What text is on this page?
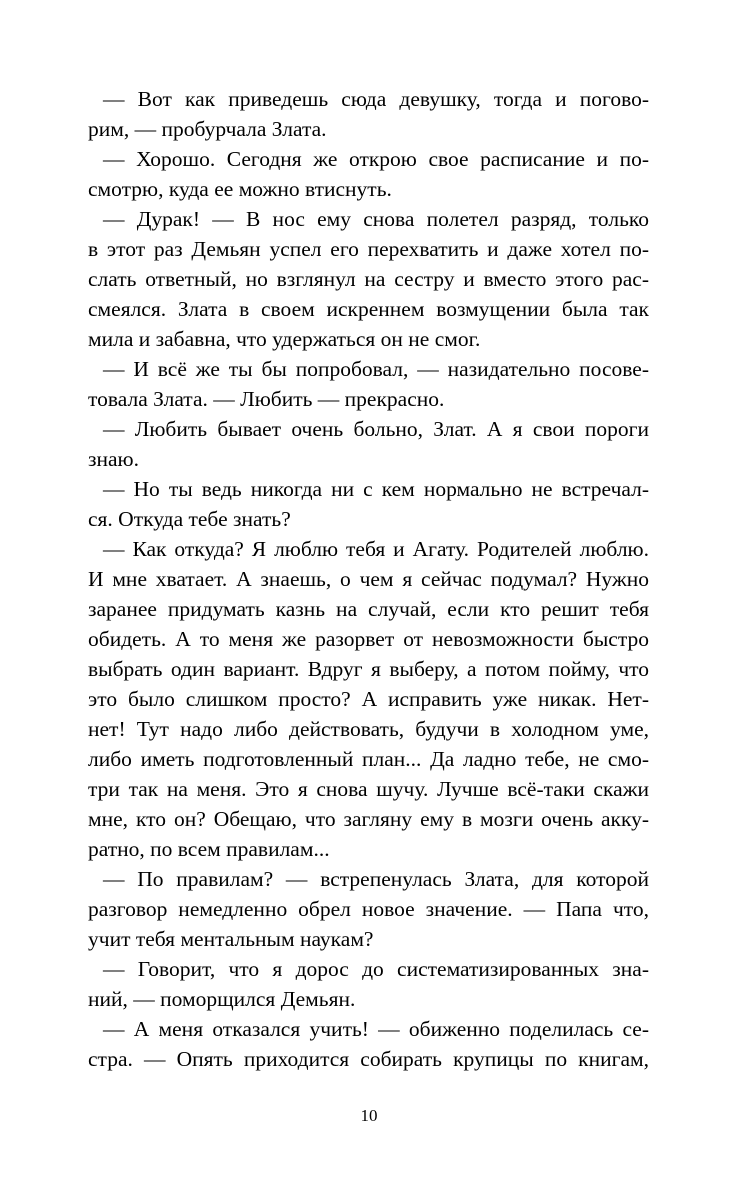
— Вот как приведешь сюда девушку, тогда и погово-
рим, — пробурчала Злата.
— Хорошо. Сегодня же открою свое расписание и по-
смотрю, куда ее можно втиснуть.
— Дурак! — В нос ему снова полетел разряд, только
в этот раз Демьян успел его перехватить и даже хотел по-
слать ответный, но взглянул на сестру и вместо этого рас-
смеялся. Злата в своем искреннем возмущении была так
мила и забавна, что удержаться он не смог.
— И всё же ты бы попробовал, — назидательно посове-
товала Злата. — Любить — прекрасно.
— Любить бывает очень больно, Злат. А я свои пороги
знаю.
— Но ты ведь никогда ни с кем нормально не встречал-
ся. Откуда тебе знать?
— Как откуда? Я люблю тебя и Агату. Родителей люблю.
И мне хватает. А знаешь, о чем я сейчас подумал? Нужно
заранее придумать казнь на случай, если кто решит тебя
обидеть. А то меня же разорвет от невозможности быстро
выбрать один вариант. Вдруг я выберу, а потом пойму, что
это было слишком просто? А исправить уже никак. Нет-
нет! Тут надо либо действовать, будучи в холодном уме,
либо иметь подготовленный план... Да ладно тебе, не смо-
три так на меня. Это я снова шучу. Лучше всё-таки скажи
мне, кто он? Обещаю, что загляну ему в мозги очень акку-
ратно, по всем правилам...
— По правилам? — встрепенулась Злата, для которой
разговор немедленно обрел новое значение. — Папа что,
учит тебя ментальным наукам?
— Говорит, что я дорос до систематизированных зна-
ний, — поморщился Демьян.
— А меня отказался учить! — обиженно поделилась се-
стра. — Опять приходится собирать крупицы по книгам,
10
